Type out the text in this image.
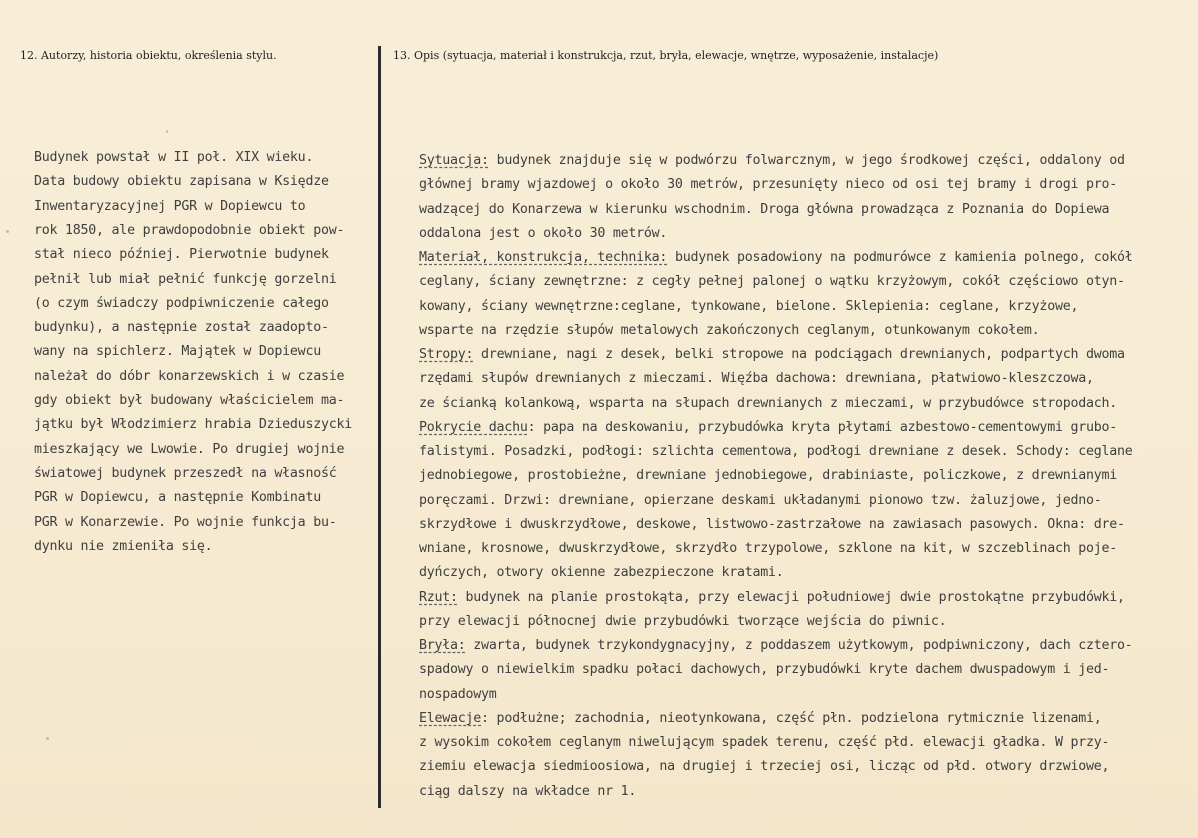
12. Autorzy, historia obiektu, określenia stylu.	13. Opis (sytuacja, materiał i konstrukcja, rzut, bryła, elewacje, wnętrze, wyposażenie, instalacje)
Budynek powstał w II poł. XIX wieku.
Data budowy obiektu zapisana w Księdze
Inwentaryzacyjnej PGR w Dopiewcu to
rok 1850, ale prawdopodobnie obiekt pow-
stał nieco później. Pierwotnie budynek
pełnił lub miał pełnić funkcję gorzelni
(o czym świadczy podpiwniczenie całego
budynku), a następnie został zaadopto-
wany na spichlerz. Majątek w Dopiewcu
należał do dóbr konarzewskich i w czasie
gdy obiekt był budowany właścicielem ma-
jątku był Włodzimierz hrabia Dzieduszycki
mieszkający we Lwowie. Po drugiej wojnie
światowej budynek przeszedł na własność
PGR w Dopiewcu, a następnie Kombinatu
PGR w Konarzewie. Po wojnie funkcja bu-
dynku nie zmieniła się.
Sytuacja: budynek znajduje się w podwórzu folwarcznym, w jego środkowej części, oddalony od
głównej bramy wjazdowej o około 30 metrów, przesunięty nieco od osi tej bramy i drogi pro-
wadzącej do Konarzewa w kierunku wschodnim. Droga główna prowadząca z Poznania do Dopiewa
oddalona jest o około 30 metrów.
Materiał, konstrukcja, technika: budynek posadowiony na podmurówce z kamienia polnego, cokół
ceglany, ściany zewnętrzne: z cegły pełnej palonej o wątku krzyżowym, cokół częściowo otyn-
kowany, ściany wewnętrzne:ceglane, tynkowane, bielone. Sklepienia: ceglane, krzyżowe,
wsparte na rzędzie słupów metalowych zakończonych ceglanym, otunkowanym cokołem.
Stropy: drewniane, nagi z desek, belki stropowe na podciągach drewnianych, podpartych dwoma
rzędami słupów drewnianych z mieczami. Więźba dachowa: drewniana, płatwiowo-kleszczowa,
ze ścianką kolankową, wsparta na słupach drewnianych z mieczami, w przybudówce stropodach.
Pokrycie dachu: papa na deskowaniu, przybudówka kryta płytami azbestowo-cementowymi grubo-
falistymi. Posadzki, podłogi: szlichta cementowa, podłogi drewniane z desek. Schody: ceglane
jednobiegowe, prostobieżne, drewniane jednobiegowe, drabiniaste, policzkowe, z drewnianymi
poręczami. Drzwi: drewniane, opierzane deskami układanymi pionowo tzw. żaluzjowe, jedno-
skrzydłowe i dwuskrzydłowe, deskowe, listwowo-zastrzałowe na zawiasach pasowych. Okna: dre-
wniane, krosnowe, dwuskrzydłowe, skrzydło trzypolowe, szklone na kit, w szczeblinach poje-
dyńczych, otwory okienne zabezpieczone kratami.
Rzut: budynek na planie prostokąta, przy elewacji południowej dwie prostokątne przybudówki,
przy elewacji północnej dwie przybudówki tworzące wejścia do piwnic.
Bryła: zwarta, budynek trzykondygnacyjny, z poddaszem użytkowym, podpiwniczony, dach cztero-
spadowy o niewielkim spadku połaci dachowych, przybudówki kryte dachem dwuspadowym i jed-
nospadowym
Elewacje: podłużne; zachodnia, nieotynkowana, część płn. podzielona rytmicznie lizenami,
z wysokim cokołem ceglanym niwelującym spadek terenu, część płd. elewacji gładka. W przy-
ziemiu elewacja siedmioosiowa, na drugiej i trzeciej osi, licząc od płd. otwory drzwiowe,
ciąg dalszy na wkładce nr 1.
